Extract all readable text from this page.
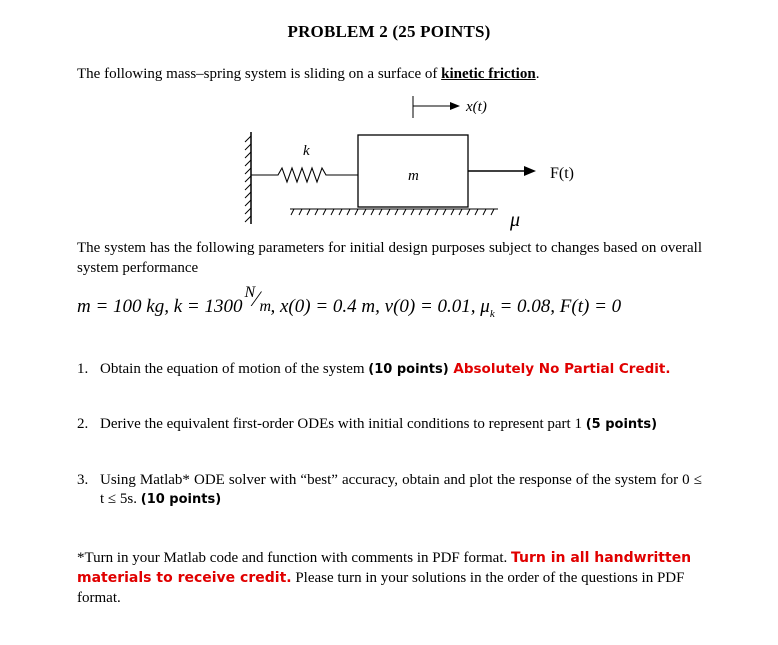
PROBLEM 2 (25 POINTS)
The following mass–spring system is sliding on a surface of kinetic friction.
k
m	F(t)
x(t)
μ
The system has the following parameters for initial design purposes subject to changes based on overall system performance
m = 100 kg, k = 1300
N ⁄ m , x(0) = 0.4 m, v(0) = 0.01, $\mu_k = 0.08$, F(t) = 0
1. Obtain the equation of motion of the system (10 points) Absolutely No Partial Credit.
2. Derive the equivalent first-order ODEs with initial conditions to represent part 1 (5 points)
3. Using Matlab* ODE solver with “best” accuracy, obtain and plot the response of the system for 0 ≤ t ≤ 5s. (10 points)
*Turn in your Matlab code and function with comments in PDF format. Turn in all handwritten materials to receive credit. Please turn in your solutions in the order of the questions in PDF format.
